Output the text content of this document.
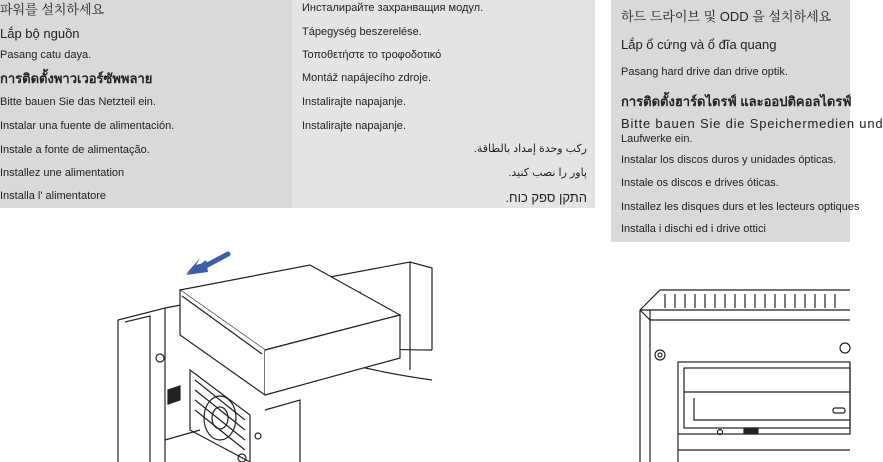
파워를 설치하세요
Lắp bộ nguồn
Pasang catu daya.
การติดตั้งพาวเวอร์ซัพพลาย
Bitte bauen Sie das Netzteil ein.
Instalar una fuente de alimentación.
Instale a fonte de alimentação.
Installez une alimentation
Installa l' alimentatore
Инсталирайте захранващия модул.
Tápegység beszerelése.
Τοποθετήστε το τροφοδοτικό
Montáž napájecího zdroje.
Instalirajte napajanje.
Instalirajte napajanje.
ركب وحدة إمداد بالطاقة.
پاور را نصب کنید.
התקן ספק כוח.
하드 드라이브 및 ODD 을 설치하세요
Lắp ổ cứng và ổ đĩa quang
Pasang hard drive dan drive optik.
การติดตั้งฮาร์ดไดรฟ์ และออปติคอลไดรฟ์
Bitte bauen Sie die Speichermedien und
Laufwerke ein.
Instalar los discos duros y unidades ópticas.
Instale os discos e drives óticas.
Installez les disques durs et les lecteurs optiques
Installa i dischi ed i drive ottici
